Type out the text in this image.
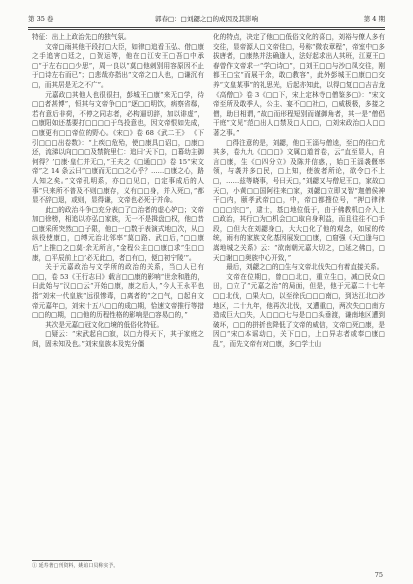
第 35 卷	郭春□：□刘勰之□的成因及其影响	第 4 期

特征：出上上政治先□的独气氛。

文帝□雨其他干段打□大臣，如律□追看玉弘、借□康之手追害□廷之，□贺运等，他在□江安王□吾□中承□“于左右□□少思”，周一良以“莫□他刺别用容原因不止于□诗左右而已”；□悲哉亦指出“文帝之□人也，□谦沉有□，而其居是无之不广”。

元嘉政□其他人也很很扫，彭城王□康“来无□学，待□□者甚博”，恒其与文帝争□□“逐□□明饮，病察省郗，若有意后非荷，不停之同志者，必构逼切辞，加以诽虚”，□康阳如还基要打□□□□于鸟投意也，因文帝恨如先成，□康更有□□帝位的野心。《宋□》卷 68《武二王》 《下引□□□出卷数》：“上疾□危殆，使□康具□诏□，□康□还，流涕以向□□□及禁院里仁：追曰’天下□，□幕幼主御何得？’□康·皇仁并无□，”王夫之《□通□□》卷 15“宋文帝”之 14 条云曰“□康而无□□之心乎？……□康之心，路人知之矣。”文帝孔明系，亦□□见□，□定事成后的人事“只来所不普及不则□康存，义有□□身，并入死□，”都显不辞□退，或则，显得谦，文帝也必死于并命。

此□的政治斗争□充分表□了□治者的虚心妒□；文帝加□徐榜，相追以亦弘□家族，无一不是揖盘□权，他□昔□康采所突然□□子限，他□一□数于表演式地□次，从□纵役使康□，□缚元治北邻率“莫□路、武□后，”□□康后“上推□之□莫·余无所言，”金程公主□□康□求“生□□康，□平辰前上□‘必无此□，者□有□，便□初宁陵’”。

关于元嘉政治与文学所的政治的关系，当□人已有□□，卷 53《王行志曰》载言□□康的影响“世余和胜的，曰此始与“汉□□云“开始□康，康之后人，”今人王永平也指“刘宋一代皇族“远很惨毒，□离者的“之□气，□起自文帝元嘉年□，刘宋十五八□□的成□期，恰速文帝推行等措□□的□期，□□他的历程性格的影响是□容易□的，”

其次是元嘉□冠文化□境的低俗化特征。

□疑云：“宋武起自□寂，以□力得天下，其于家庭之间，固未知及也。”刘宋皇族本及宪分僵

化的特点，决定了他□□低俗文化的喜□，刘裕与僚人多有交往，显帝源人□文帝佳□，号称“微农章程”，帝室中□多拔唐者，□康热并法确逢人，法好起求出人其班，江夏王□春曾作文帝求一“学□诗□”，□刘王□□与沙□凤交往，刚都王□宝“而展干余，敢□教容”，此外彭城王□康□□交养“文皇某事”的礼思光，后起亦知此，以得□复□□吉吉龙《高僧□》卷 3《□□下，宋上定林寺□僧鉴多□》：“宋文帝至所及敢季人，公主、宴不□□社□，□威极极，多接之僧，助目相谓，”故□而形程短别而谨御角者，其一是“僧侣干庭”文见“范□出人□禁及□人□□，□刘宋政治□人□□著之事。”

□得注意的是，刘勰，他□王淄与僧逵，至□的往□尤其多，卷九九《□□□》文属□道首卷，云“直至显人，自言□康，生《□四分立》及陈并信惑，，始□王淄袭偃率领，与袭并多□民，□上知，使彼者所论，欲令□不上□，……兹等晓事，号曰天□，”刘勰又与僧尼王□，家故□天□，小黄□□国阿往来□家，刘勰□立即又智“迦僧侯神干□内，颐孝武帝□□，中，帝□都搜位号，“押□律律□□□宗□”，逮士，基□地位低于，由于佛教机□介入上□政治，其行□为□机会□□取自身利益，而且往往不□手段，□但大在刘勰身□，大大□化了他的观念，如尿的传统，雨有的家族文化基因展发□□康，□窟强《天□逢与□嵩地城之关系》云：“欲南朝元嘉大切之，□延之佛□，□天□谢□□奥族中心开致，”

最后，刘勰之□的□生与文帝北伐失□有着直接关系。

文帝在位期□，曾□□北□，重立生□，减□民众□田，□立了“元嘉之治”的局面，但是，他于元嘉二十七年□□北伐，□果大□，以至徐氏□□□南□，到达江北□沙地区，二十九年，他再次北伐，又遭重□，两次失□□南方造成巨大□失，人□□□七与是□□头垂渡，谦南地区遭到破坏，□□的拼折也降低了文帝的威信，文帝□死□康，是因□“宋□本谣动□，关下□□，上□异志者或奉□康□乱”，而先文帝有对□康，多□学士山

① 延寿著□刊资料，姚谊口员称实予。
75
